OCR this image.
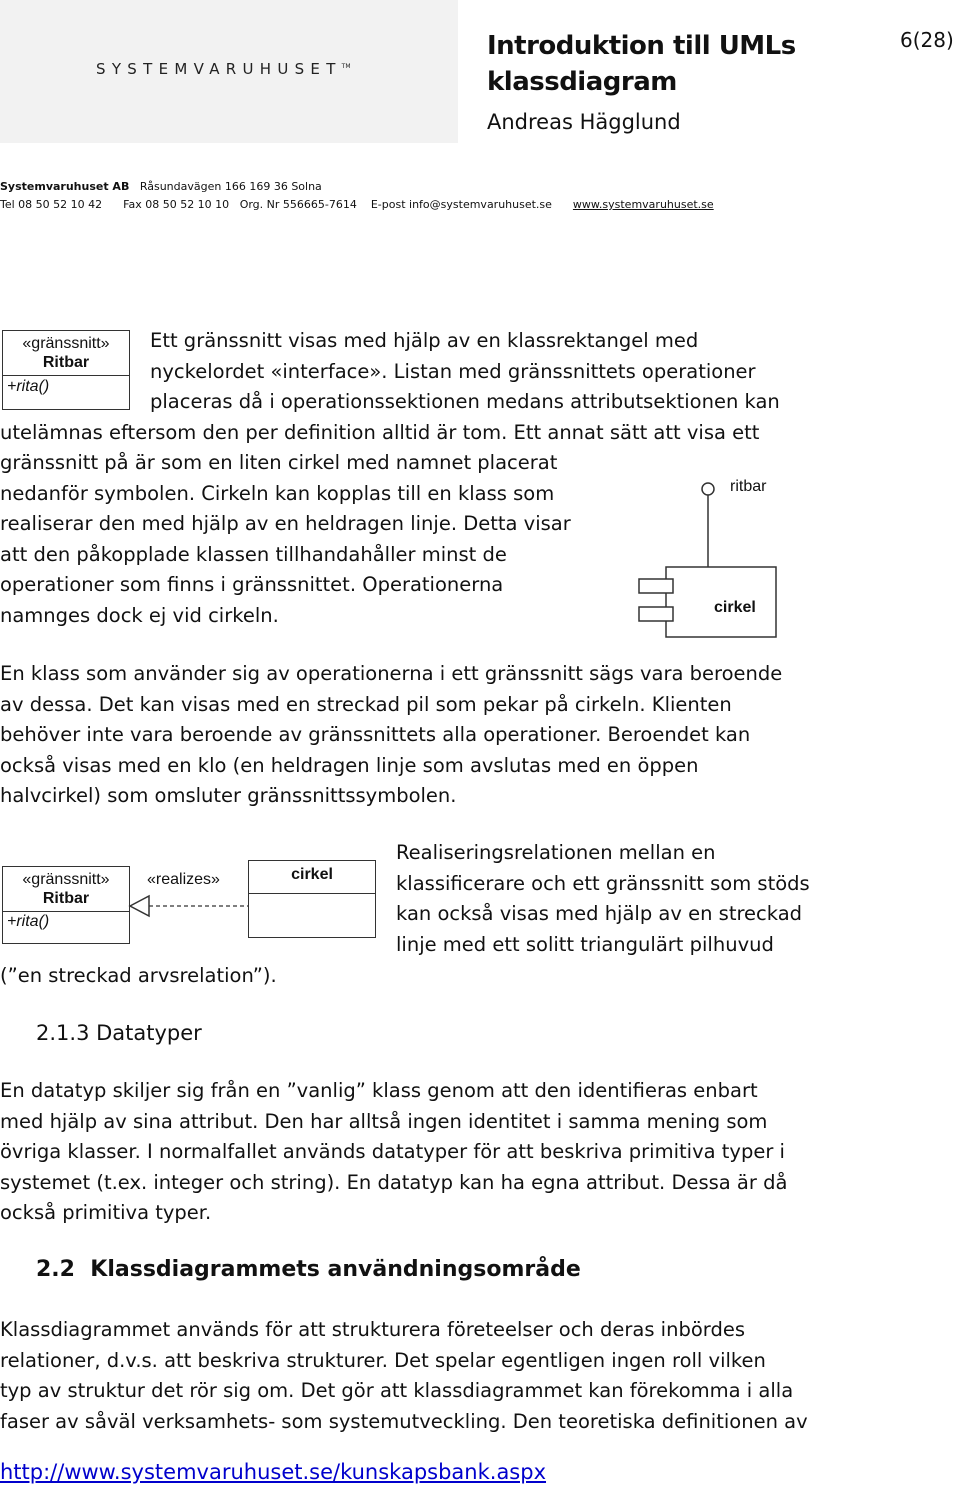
SYSTEMVARUHUSET™
Introduktion till UMLs klassdiagram
6(28)
Andreas Hägglund
Systemvaruhuset AB Råsundavägen 166 169 36 Solna
Tel 08 50 52 10 42 Fax 08 50 52 10 10 Org. Nr 556665-7614 E-post info@systemvaruhuset.se www.systemvaruhuset.se
«gränssnitt»
Ritbar
+rita()

Ett gränssnitt visas med hjälp av en klassrektangel med

nyckelordet «interface». Listan med gränssnittets operationer

placeras då i operationssektionen medans attributsektionen kan

utelämnas eftersom den per definition alltid är tom. Ett annat sätt att visa ett

gränssnitt på är som en liten cirkel med namnet placerat

nedanför symbolen. Cirkeln kan kopplas till en klass som

realiserar den med hjälp av en heldragen linje. Detta visar

att den påkopplade klassen tillhandahåller minst de

operationer som finns i gränssnittet. Operationerna

namnges dock ej vid cirkeln.

ritbar
cirkel

En klass som använder sig av operationerna i ett gränssnitt sägs vara beroende

av dessa. Det kan visas med en streckad pil som pekar på cirkeln. Klienten

behöver inte vara beroende av gränssnittets alla operationer. Beroendet kan

också visas med en klo (en heldragen linje som avslutas med en öppen

halvcirkel) som omsluter gränssnittssymbolen.

«gränssnitt»
Ritbar
+rita()
cirkel
«realizes»
(”en streckad arvsrelation”).

Realiseringsrelationen mellan en

klassificerare och ett gränssnitt som stöds

kan också visas med hjälp av en streckad

linje med ett solitt triangulärt pilhuvud

2.1.3 Datatyper

En datatyp skiljer sig från en ”vanlig” klass genom att den identifieras enbart

med hjälp av sina attribut. Den har alltså ingen identitet i samma mening som

övriga klasser. I normalfallet används datatyper för att beskriva primitiva typer i

systemet (t.ex. integer och string). En datatyp kan ha egna attribut. Dessa är då

också primitiva typer.

2.2  Klassdiagrammets användningsområde

Klassdiagrammet används för att strukturera företeelser och deras inbördes

relationer, d.v.s. att beskriva strukturer. Det spelar egentligen ingen roll vilken

typ av struktur det rör sig om. Det gör att klassdiagrammet kan förekomma i alla

faser av såväl verksamhets- som systemutveckling. Den teoretiska definitionen av

http://www.systemvaruhuset.se/kunskapsbank.aspx
